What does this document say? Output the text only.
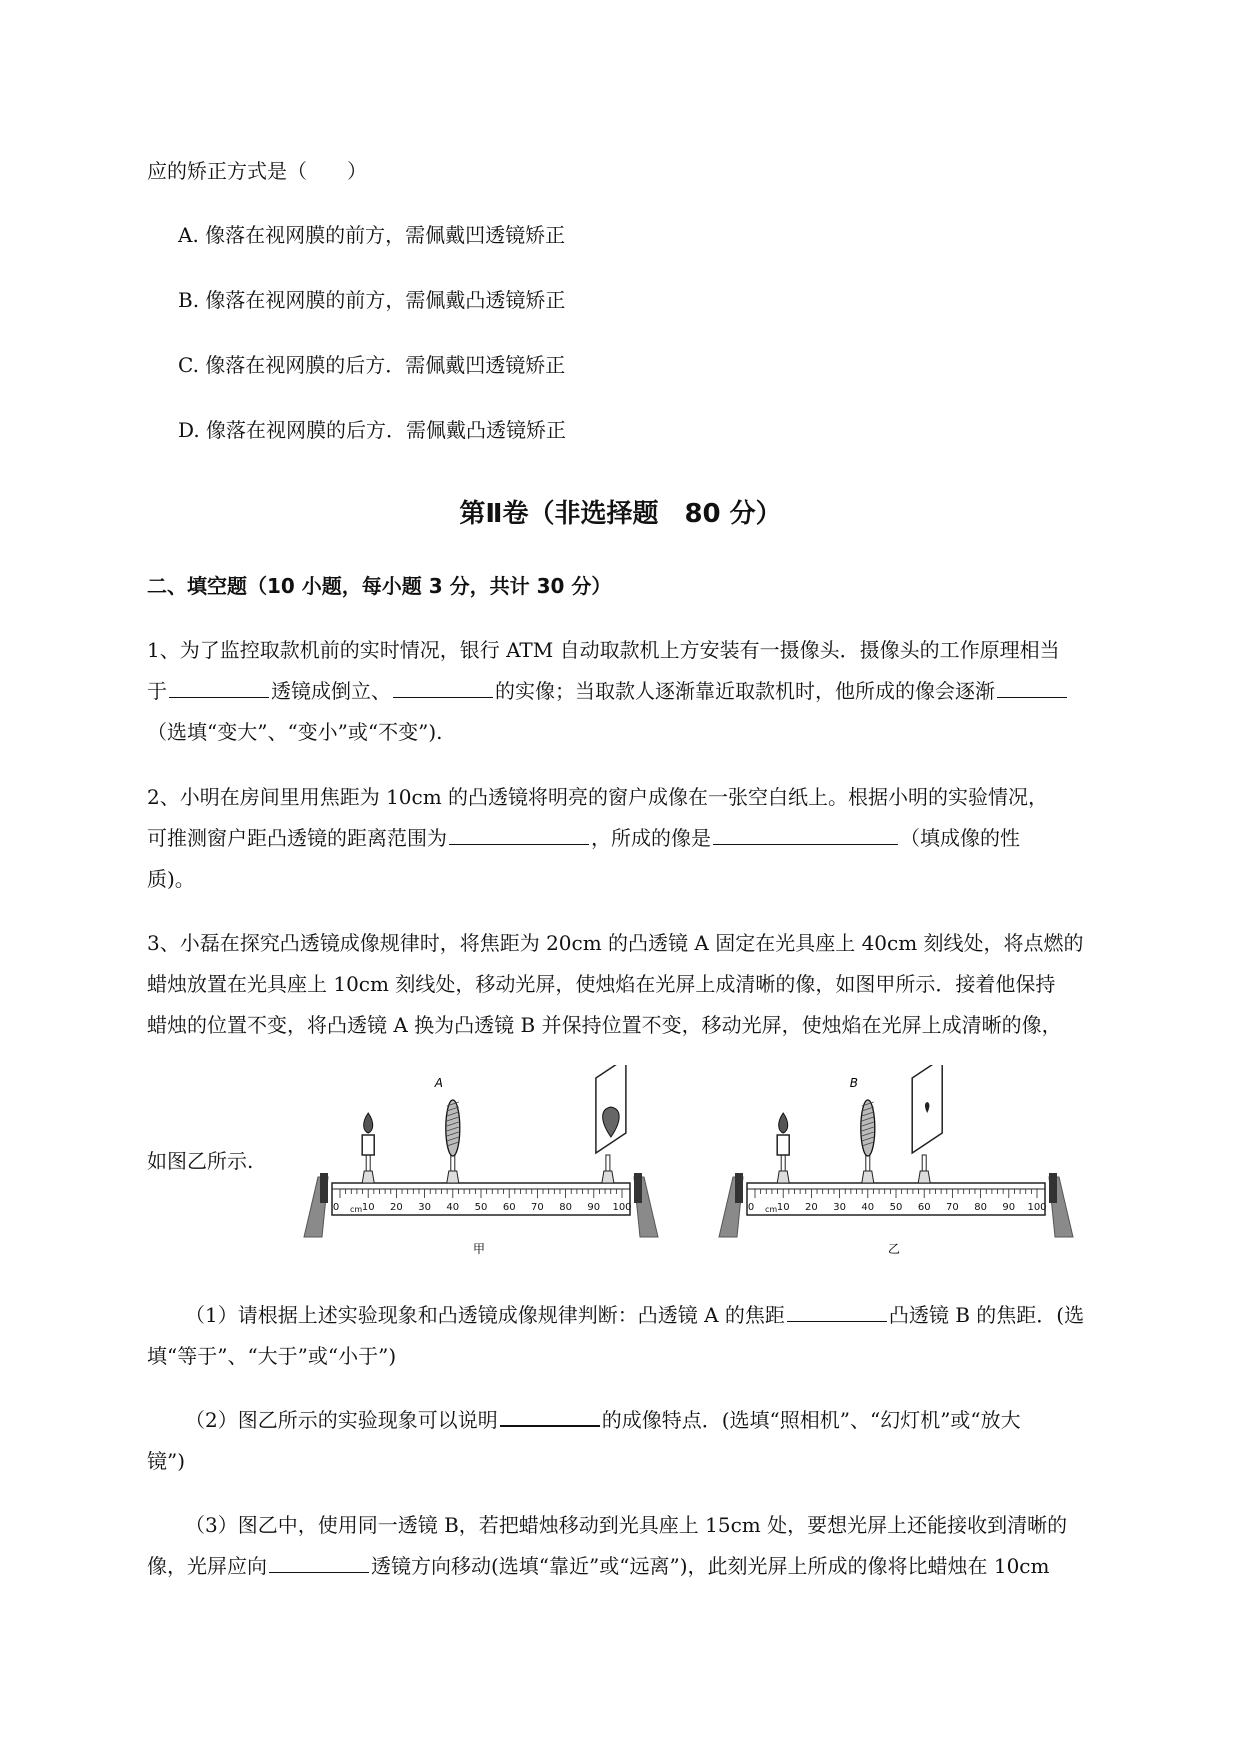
应的矫正方式是（　　）
A. 像落在视网膜的前方，需佩戴凹透镜矫正
B. 像落在视网膜的前方，需佩戴凸透镜矫正
C. 像落在视网膜的后方．需佩戴凹透镜矫正
D. 像落在视网膜的后方．需佩戴凸透镜矫正
第Ⅱ卷（非选择题　80 分）
二、填空题（10 小题，每小题 3 分，共计 30 分）
1、为了监控取款机前的实时情况，银行 ATM 自动取款机上方安装有一摄像头．摄像头的工作原理相当
于	透镜成倒立、	的实像；当取款人逐渐靠近取款机时，他所成的像会逐渐
（选填“变大”、“变小”或“不变”).
2、小明在房间里用焦距为 10cm 的凸透镜将明亮的窗户成像在一张空白纸上。根据小明的实验情况，
可推测窗户距凸透镜的距离范围为	，所成的像是	（填成像的性
质)。
3、小磊在探究凸透镜成像规律时，将焦距为 20cm 的凸透镜 A 固定在光具座上 40cm 刻线处，将点燃的
蜡烛放置在光具座上 10cm 刻线处，移动光屏，使烛焰在光屏上成清晰的像，如图甲所示．接着他保持
蜡烛的位置不变，将凸透镜 A 换为凸透镜 B 并保持位置不变，移动光屏，使烛焰在光屏上成清晰的像，
如图乙所示.
0 10 20 30 40 50 60 70 80 90 100
cm	0 10 20 30 40 50 60 70 80 90 100
cm
A	B
甲	乙
（1）请根据上述实验现象和凸透镜成像规律判断：凸透镜 A 的焦距	凸透镜 B 的焦距．(选
填“等于”、“大于”或“小于”)
（2）图乙所示的实验现象可以说明	的成像特点．(选填“照相机”、“幻灯机”或“放大
镜”)
（3）图乙中，使用同一透镜 B，若把蜡烛移动到光具座上 15cm 处，要想光屏上还能接收到清晰的
像，光屏应向	透镜方向移动(选填“靠近”或“远离”)，此刻光屏上所成的像将比蜡烛在 10cm
